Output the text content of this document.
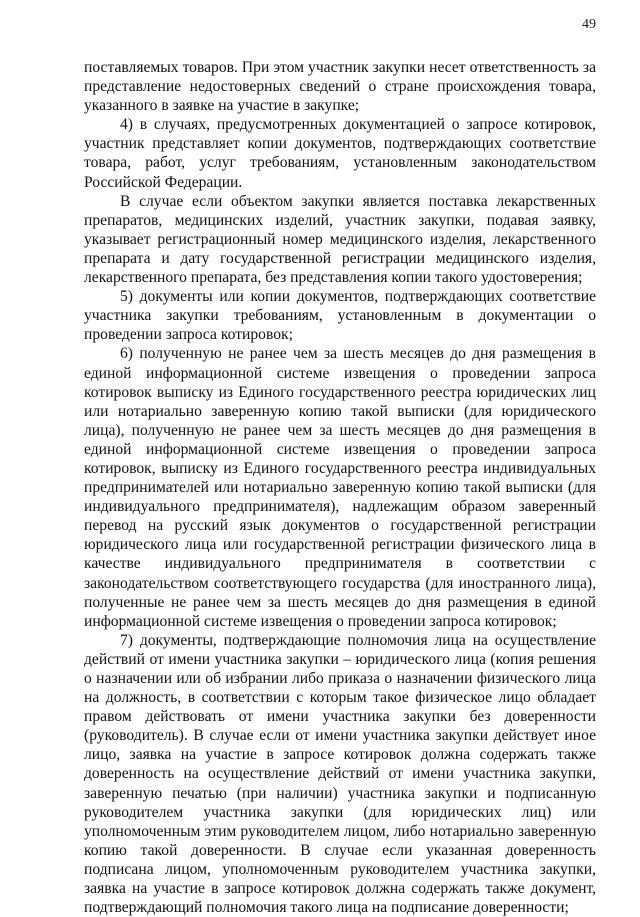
49

поставляемых товаров. При этом участник закупки несет ответственность за представление недостоверных сведений о стране происхождения товара, указанного в заявке на участие в закупке;

4) в случаях, предусмотренных документацией о запросе котировок, участник представляет копии документов, подтверждающих соответствие товара, работ, услуг требованиям, установленным законодательством Российской Федерации.

В случае если объектом закупки является поставка лекарственных препаратов, медицинских изделий, участник закупки, подавая заявку, указывает регистрационный номер медицинского изделия, лекарственного препарата и дату государственной регистрации медицинского изделия, лекарственного препарата, без представления копии такого удостоверения;

5) документы или копии документов, подтверждающих соответствие участника закупки требованиям, установленным в документации о проведении запроса котировок;

6) полученную не ранее чем за шесть месяцев до дня размещения в единой информационной системе извещения о проведении запроса котировок выписку из Единого государственного реестра юридических лиц или нотариально заверенную копию такой выписки (для юридического лица), полученную не ранее чем за шесть месяцев до дня размещения в единой информационной системе извещения о проведении запроса котировок, выписку из Единого государственного реестра индивидуальных предпринимателей или нотариально заверенную копию такой выписки (для индивидуального предпринимателя), надлежащим образом заверенный перевод на русский язык документов о государственной регистрации юридического лица или государственной регистрации физического лица в качестве индивидуального предпринимателя в соответствии с законодательством соответствующего государства (для иностранного лица), полученные не ранее чем за шесть месяцев до дня размещения в единой информационной системе извещения о проведении запроса котировок;

7) документы, подтверждающие полномочия лица на осуществление действий от имени участника закупки – юридического лица (копия решения о назначении или об избрании либо приказа о назначении физического лица на должность, в соответствии с которым такое физическое лицо обладает правом действовать от имени участника закупки без доверенности (руководитель). В случае если от имени участника закупки действует иное лицо, заявка на участие в запросе котировок должна содержать также доверенность на осуществление действий от имени участника закупки, заверенную печатью (при наличии) участника закупки и подписанную руководителем участника закупки (для юридических лиц) или уполномоченным этим руководителем лицом, либо нотариально заверенную копию такой доверенности. В случае если указанная доверенность подписана лицом, уполномоченным руководителем участника закупки, заявка на участие в запросе котировок должна содержать также документ, подтверждающий полномочия такого лица на подписание доверенности;
